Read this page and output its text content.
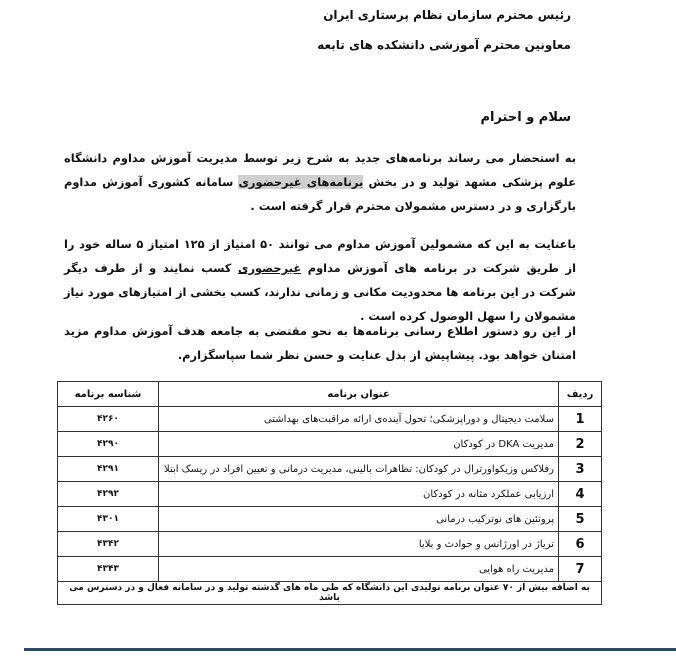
رئیس محترم سازمان نظام پرستاری ایران
معاونین محترم آموزشی دانشکده های تابعه
سلام و احترام
به استحضار می رساند برنامه‌های جدید به شرح زیر توسط مدیریت آموزش مداوم دانشگاه علوم پزشکی مشهد تولید و در بخش برنامه‌های غیرحضوری سامانه کشوری آموزش مداوم بارگزاری و در دسترس مشمولان محترم قرار گرفته است .
باعنایت به این که مشمولین آموزش مداوم می توانند ۵۰ امتیاز از ۱۲۵ امتیاز ۵ ساله خود را از طریق شرکت در برنامه های آموزش مداوم غیرحضوری کسب نمایند و از طرف دیگر شرکت در این برنامه ها محدودیت مکانی و زمانی ندارند، کسب بخشی از امتیازهای مورد نیاز مشمولان را سهل الوصول کرده است .
از این رو دستور اطلاع رسانی برنامه‌ها به نحو مقتضی به جامعه هدف آموزش مداوم مزید امتنان خواهد بود. پیشاپیش از بذل عنایت و حسن نظر شما سپاسگزارم.
ردیف	عنوان برنامه	شناسه برنامه
1	سلامت دیجیتال و دوراپزشکی؛ تحول آینده‌ی ارائه مراقبت‌های بهداشتی	۴۲۶۰
2	مدیریت DKA در کودکان	۴۲۹۰
3	رفلاکس وزیکواورترال در کودکان: تظاهرات بالینی، مدیریت درمانی و تعیین افراد در ریسک ابتلا	۴۲۹۱
4	ارزیابی عملکرد مثانه در کودکان	۴۲۹۲
5	پروتئین های نوترکیب درمانی	۴۳۰۱
6	تریاژ در اورژانس و حوادث و بلایا	۴۳۴۲
7	مدیریت راه هوایی	۴۳۴۳
به اضافه بیش از ۷۰ عنوان برنامه تولیدی این دانشگاه که طی ماه های گذشته تولید و در سامانه فعال و در دسترس می باشد		
